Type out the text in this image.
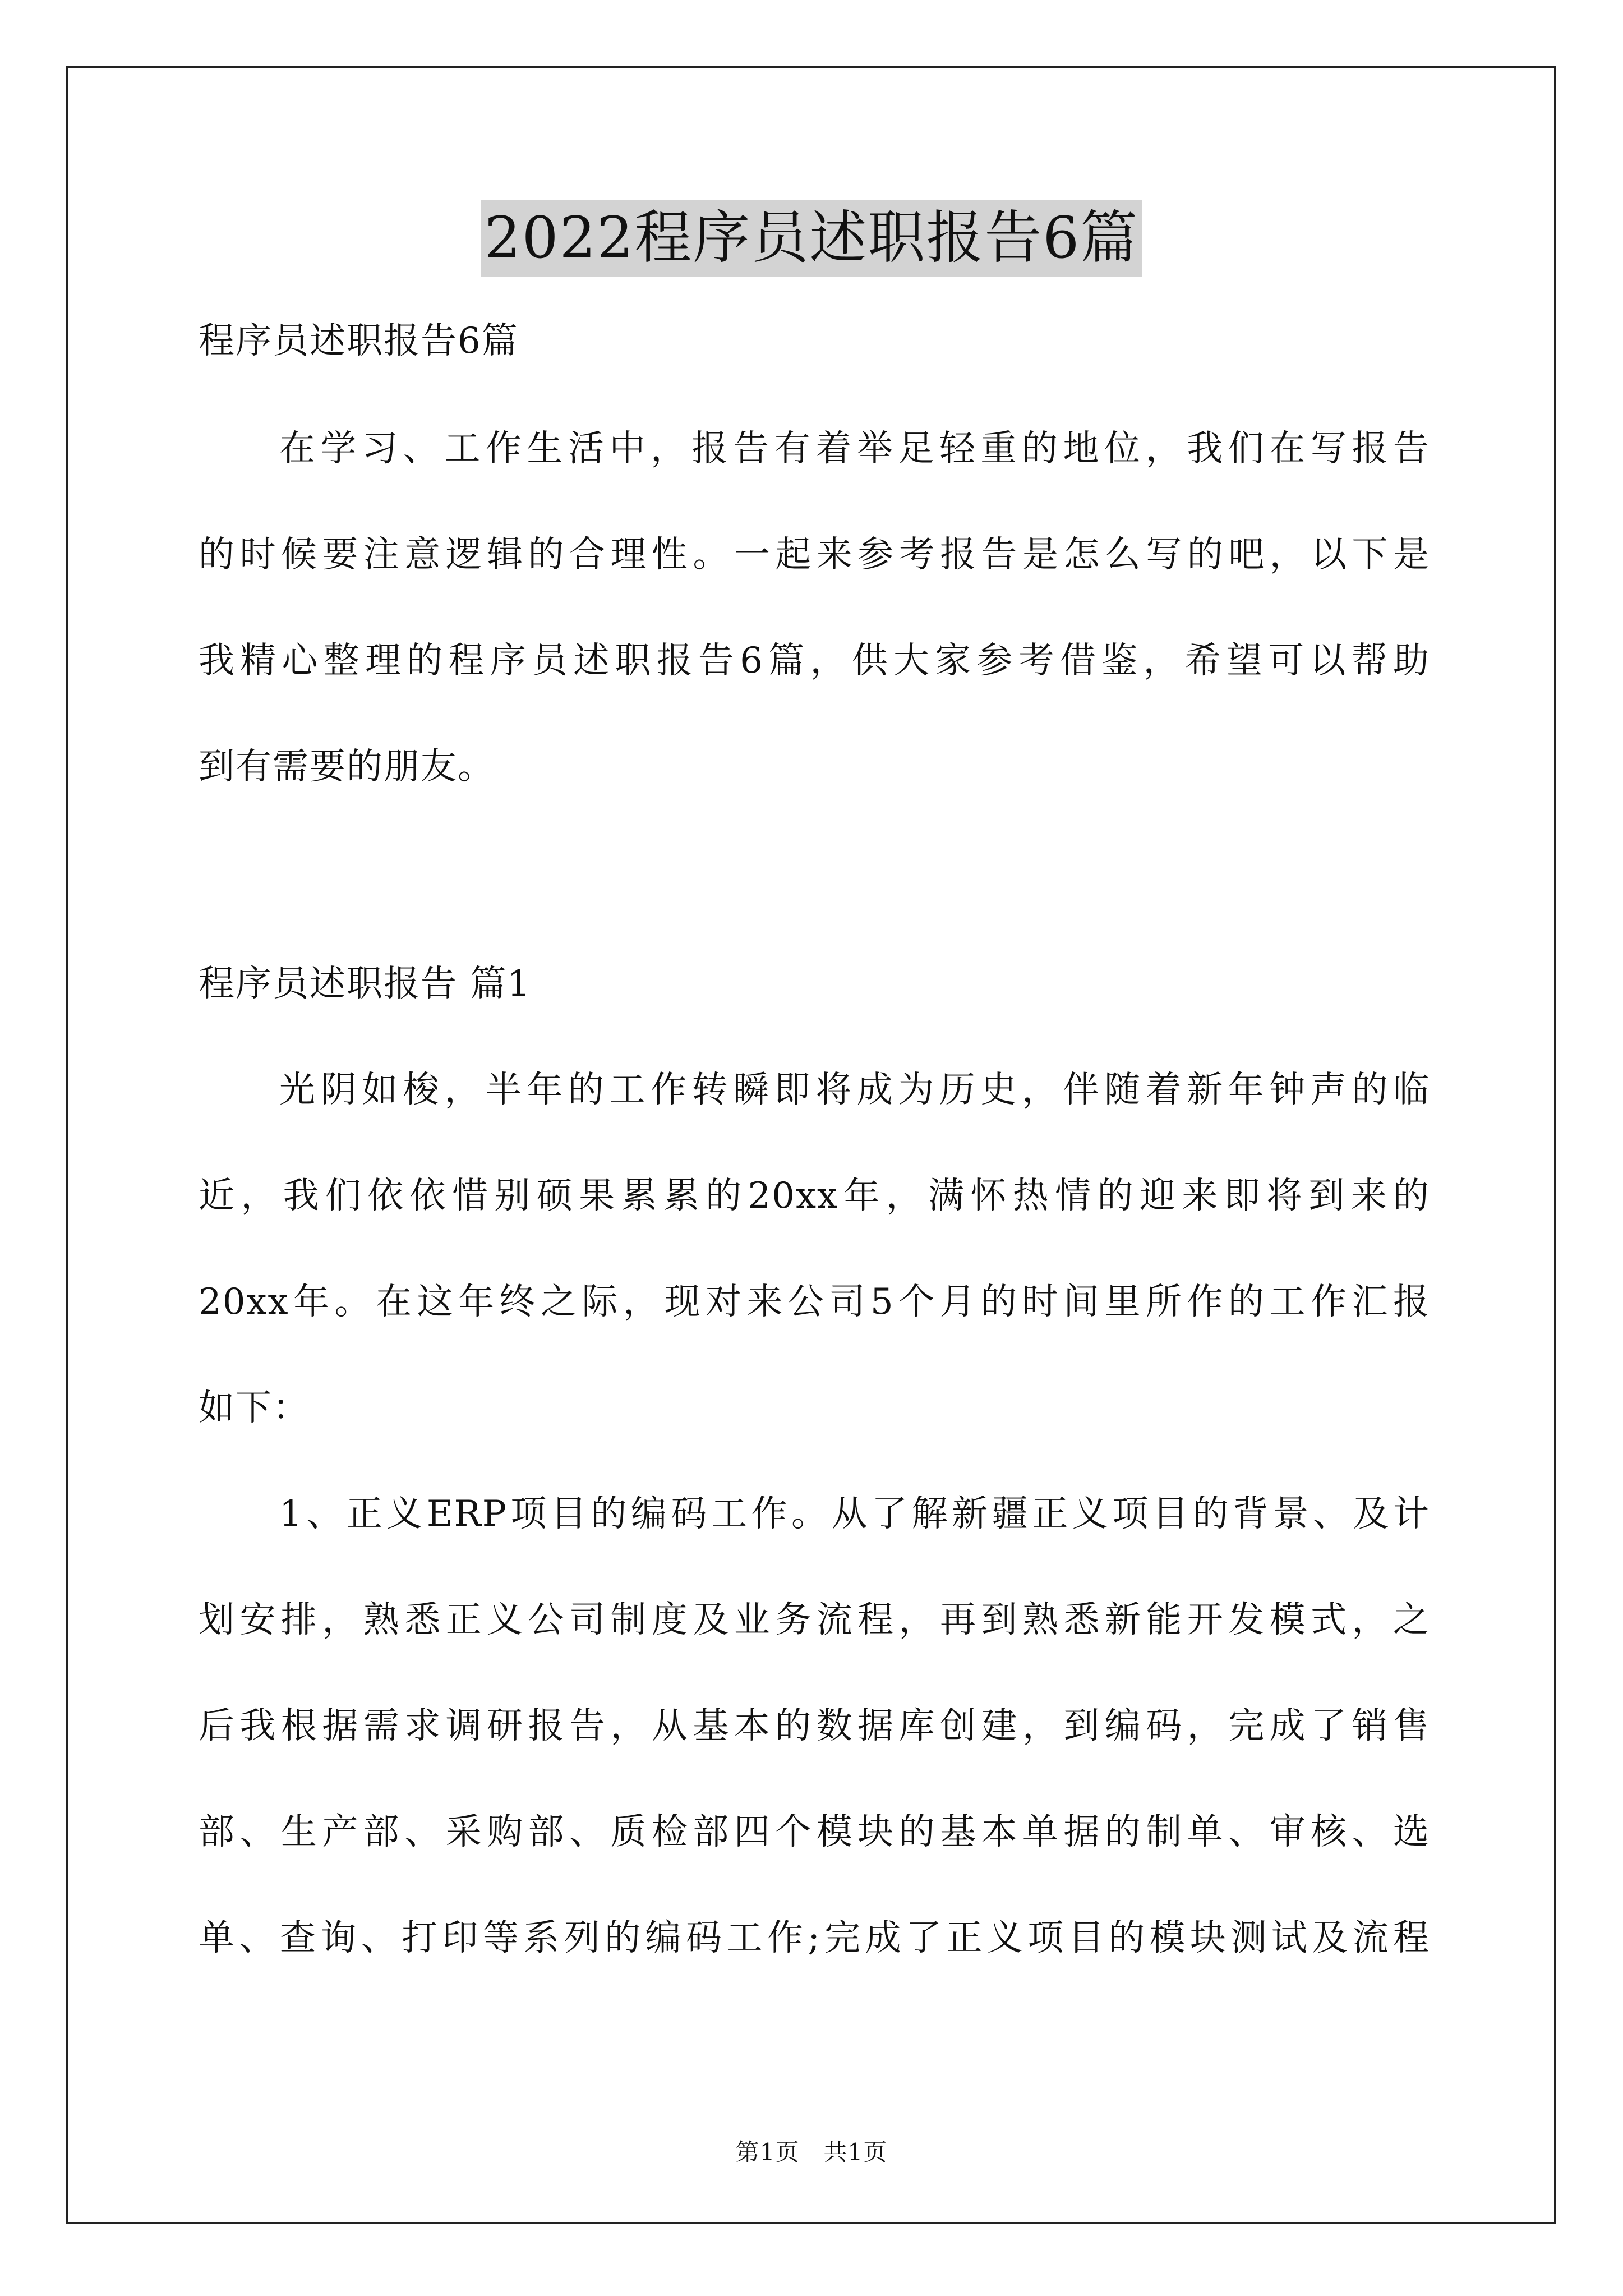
2022程序员述职报告6篇
程序员述职报告6篇
在学习、工作生活中，报告有着举足轻重的地位，我们在写报告
的时候要注意逻辑的合理性。一起来参考报告是怎么写的吧，以下是
我精心整理的程序员述职报告6篇，供大家参考借鉴，希望可以帮助
到有需要的朋友。
程序员述职报告 篇1
光阴如梭，半年的工作转瞬即将成为历史，伴随着新年钟声的临
近，我们依依惜别硕果累累的20xx年，满怀热情的迎来即将到来的
20xx年。在这年终之际，现对来公司5个月的时间里所作的工作汇报
如下：
1、正义ERP项目的编码工作。从了解新疆正义项目的背景、及计
划安排，熟悉正义公司制度及业务流程，再到熟悉新能开发模式，之
后我根据需求调研报告，从基本的数据库创建，到编码，完成了销售
部、生产部、采购部、质检部四个模块的基本单据的制单、审核、选
单、查询、打印等系列的编码工作;完成了正义项目的模块测试及流程
第1页　共1页
